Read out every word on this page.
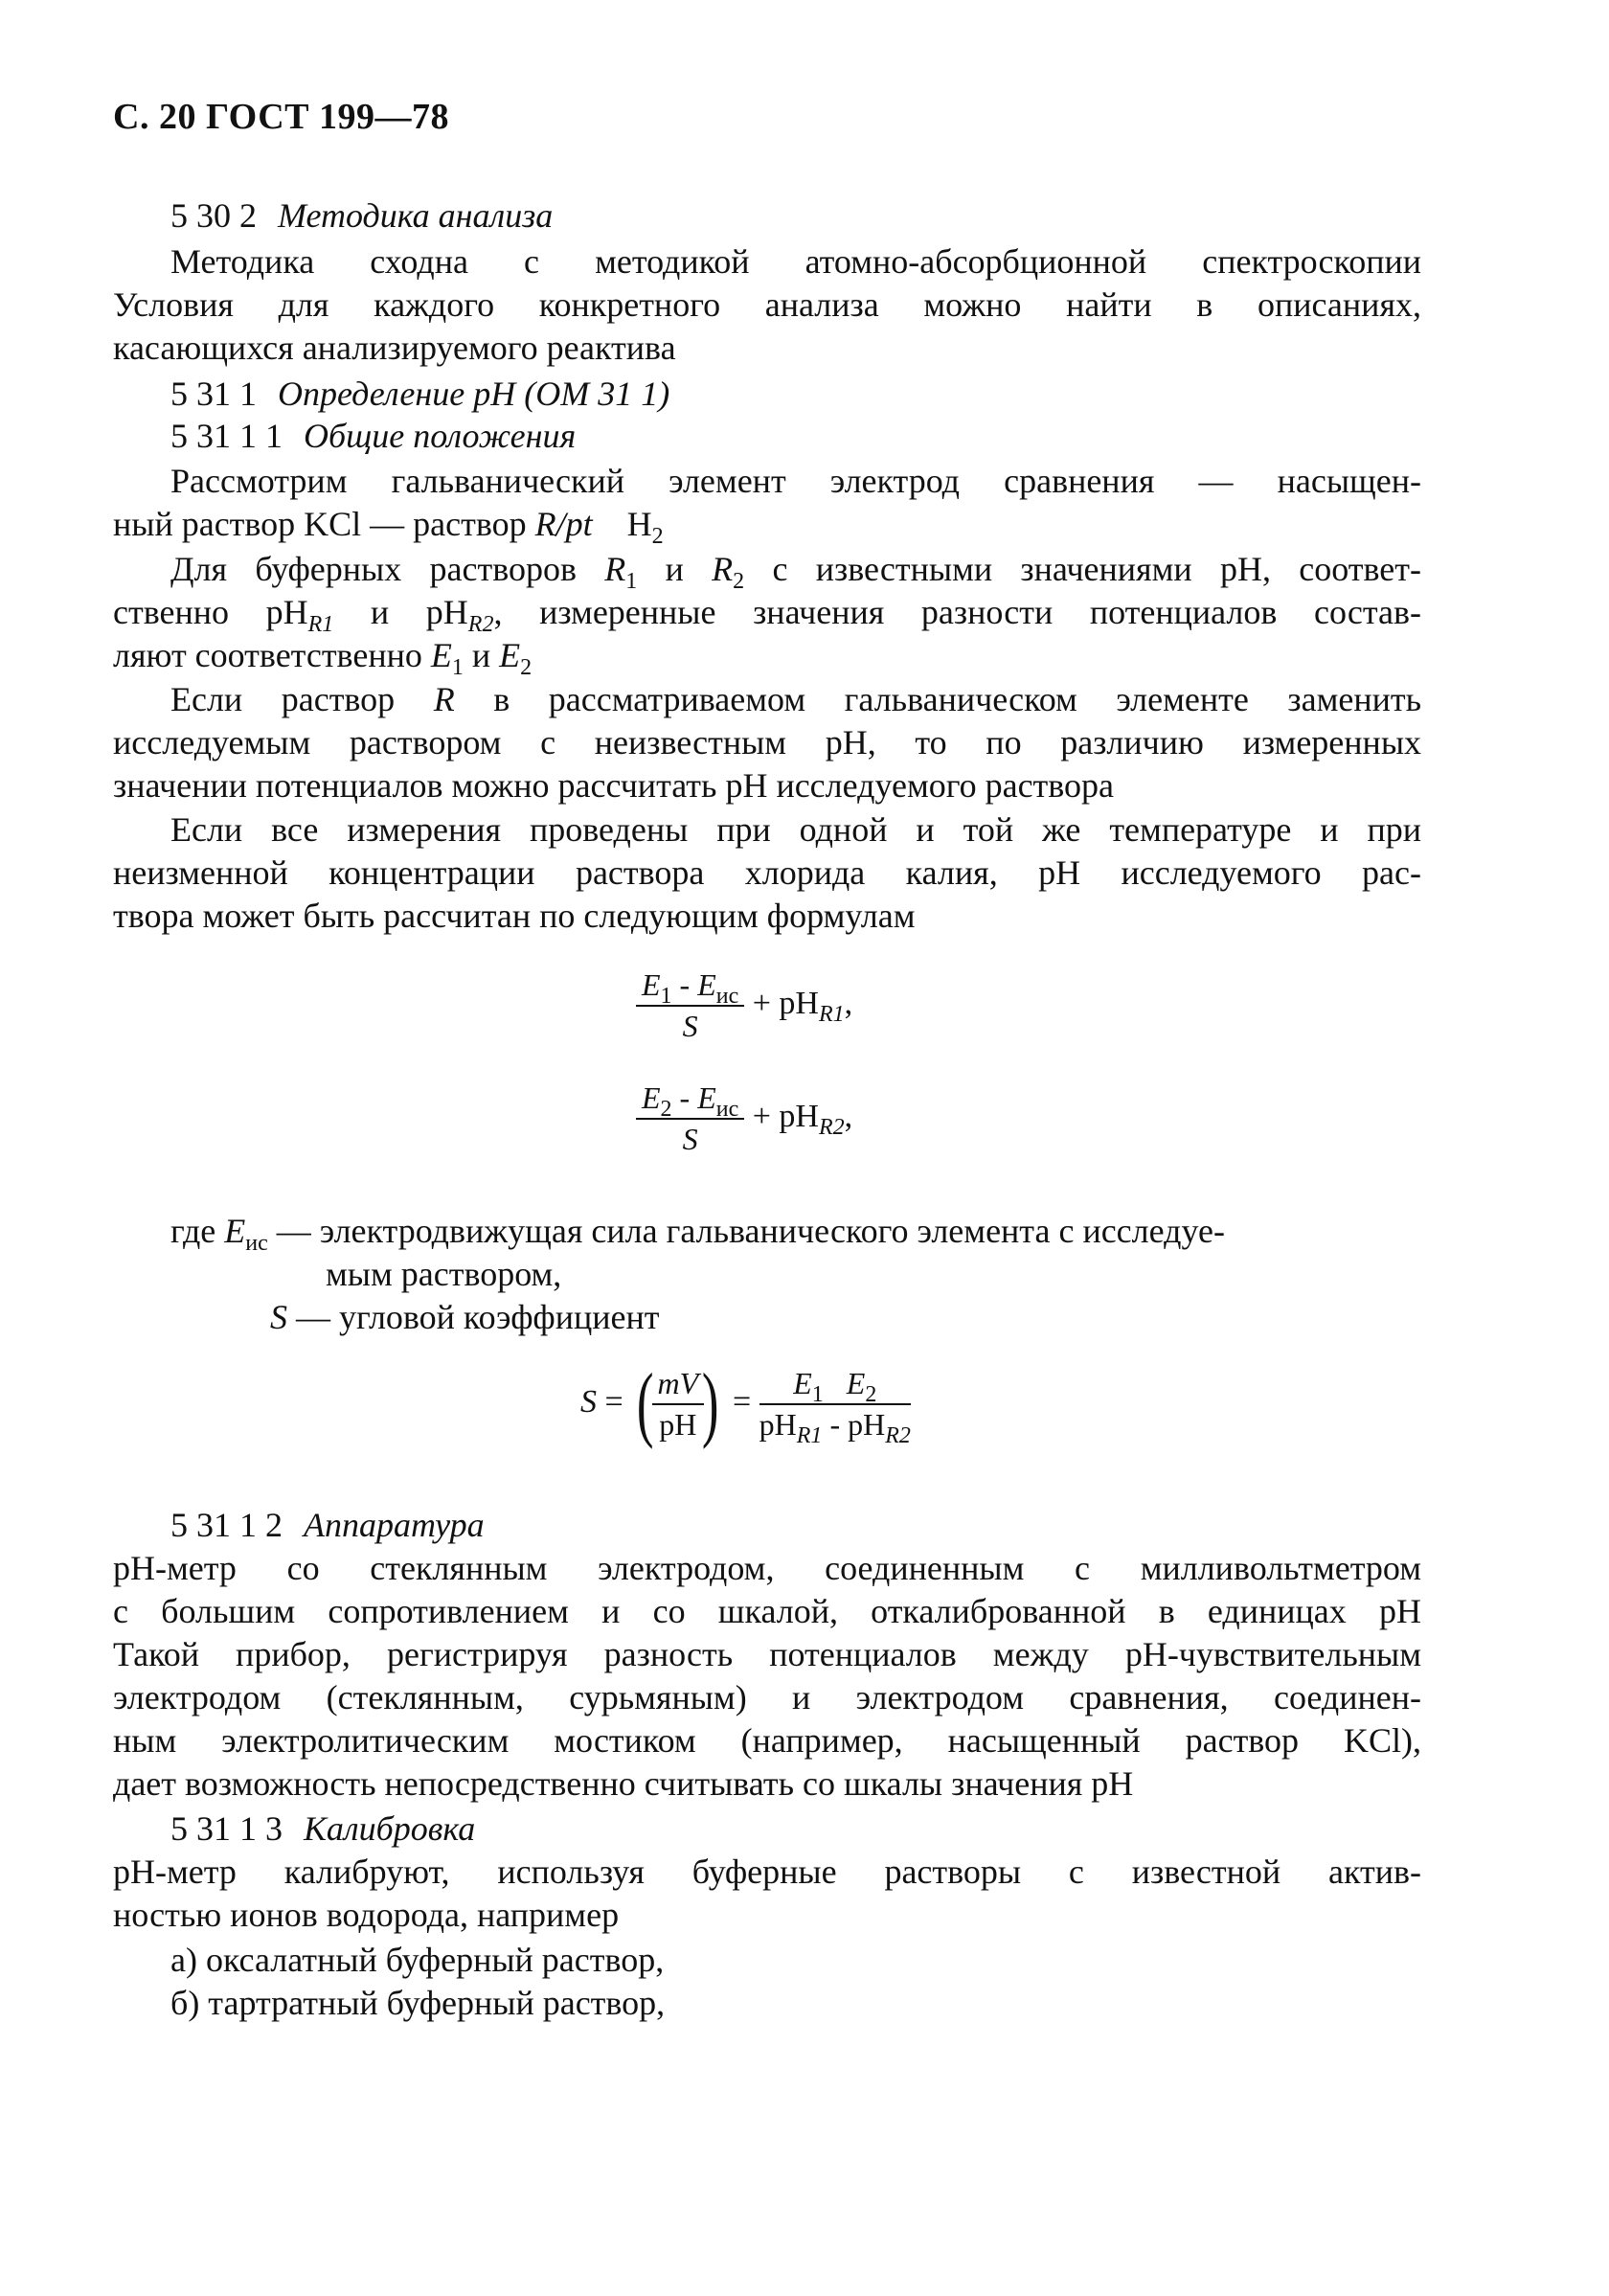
С. 20 ГОСТ 199—78
5 30 2 Методика анализа
Методика сходна с методикой атомно-абсорбционной спектроскопии
Условия для каждого конкретного анализа можно найти в описаниях,
касающихся анализируемого реактива
5 31 1 Определение pH (ОМ 31 1)
5 31 1 1 Общие положения
Рассмотрим гальванический элемент электрод сравнения — насыщен-
ный раствор KCl — раствор R/pt $H_2$
Для буферных растворов $R_1$ и $R_2$ с известными значениями pH, соответ-
ственно $pH_{R1}$ и $pH_{R2}$, измеренные значения разности потенциалов состав-
ляют соответственно $E_1$ и $E_2$
Если раствор R в рассматриваемом гальваническом элементе заменить
исследуемым раствором с неизвестным pH, то по различию измеренных
значении потенциалов можно рассчитать pH исследуемого раствора
Если все измерения проведены при одной и той же температуре и при
неизменной концентрации раствора хлорида калия, pH исследуемого рас-
твора может быть рассчитан по следующим формулам
$\frac{E_1 - E_{ис}}{S} + pH_{R1}$,
$\frac{E_2 - E_{ис}}{S} + pH_{R2}$,
где $E_{ис}$ — электродвижущая сила гальванического элемента с исследуе-
мым раствором,
S — угловой коэффициент
S = (
$\frac{mV}{pH}$
) = $\frac{E_1 E_2}{pH_{R1} - pH_{R2}}$
5 31 1 2 Аппаратура
pH-метр со стеклянным электродом, соединенным с милливольтметром
с большим сопротивлением и со шкалой, откалиброванной в единицах pH
Такой прибор, регистрируя разность потенциалов между pH-чувствительным
электродом (стеклянным, сурьмяным) и электродом сравнения, соединен-
ным электролитическим мостиком (например, насыщенный раствор KCl),
дает возможность непосредственно считывать со шкалы значения pH
5 31 1 3 Калибровка
pH-метр калибруют, используя буферные растворы с известной актив-
ностью ионов водорода, например
а) оксалатный буферный раствор,
б) тартратный буферный раствор,
